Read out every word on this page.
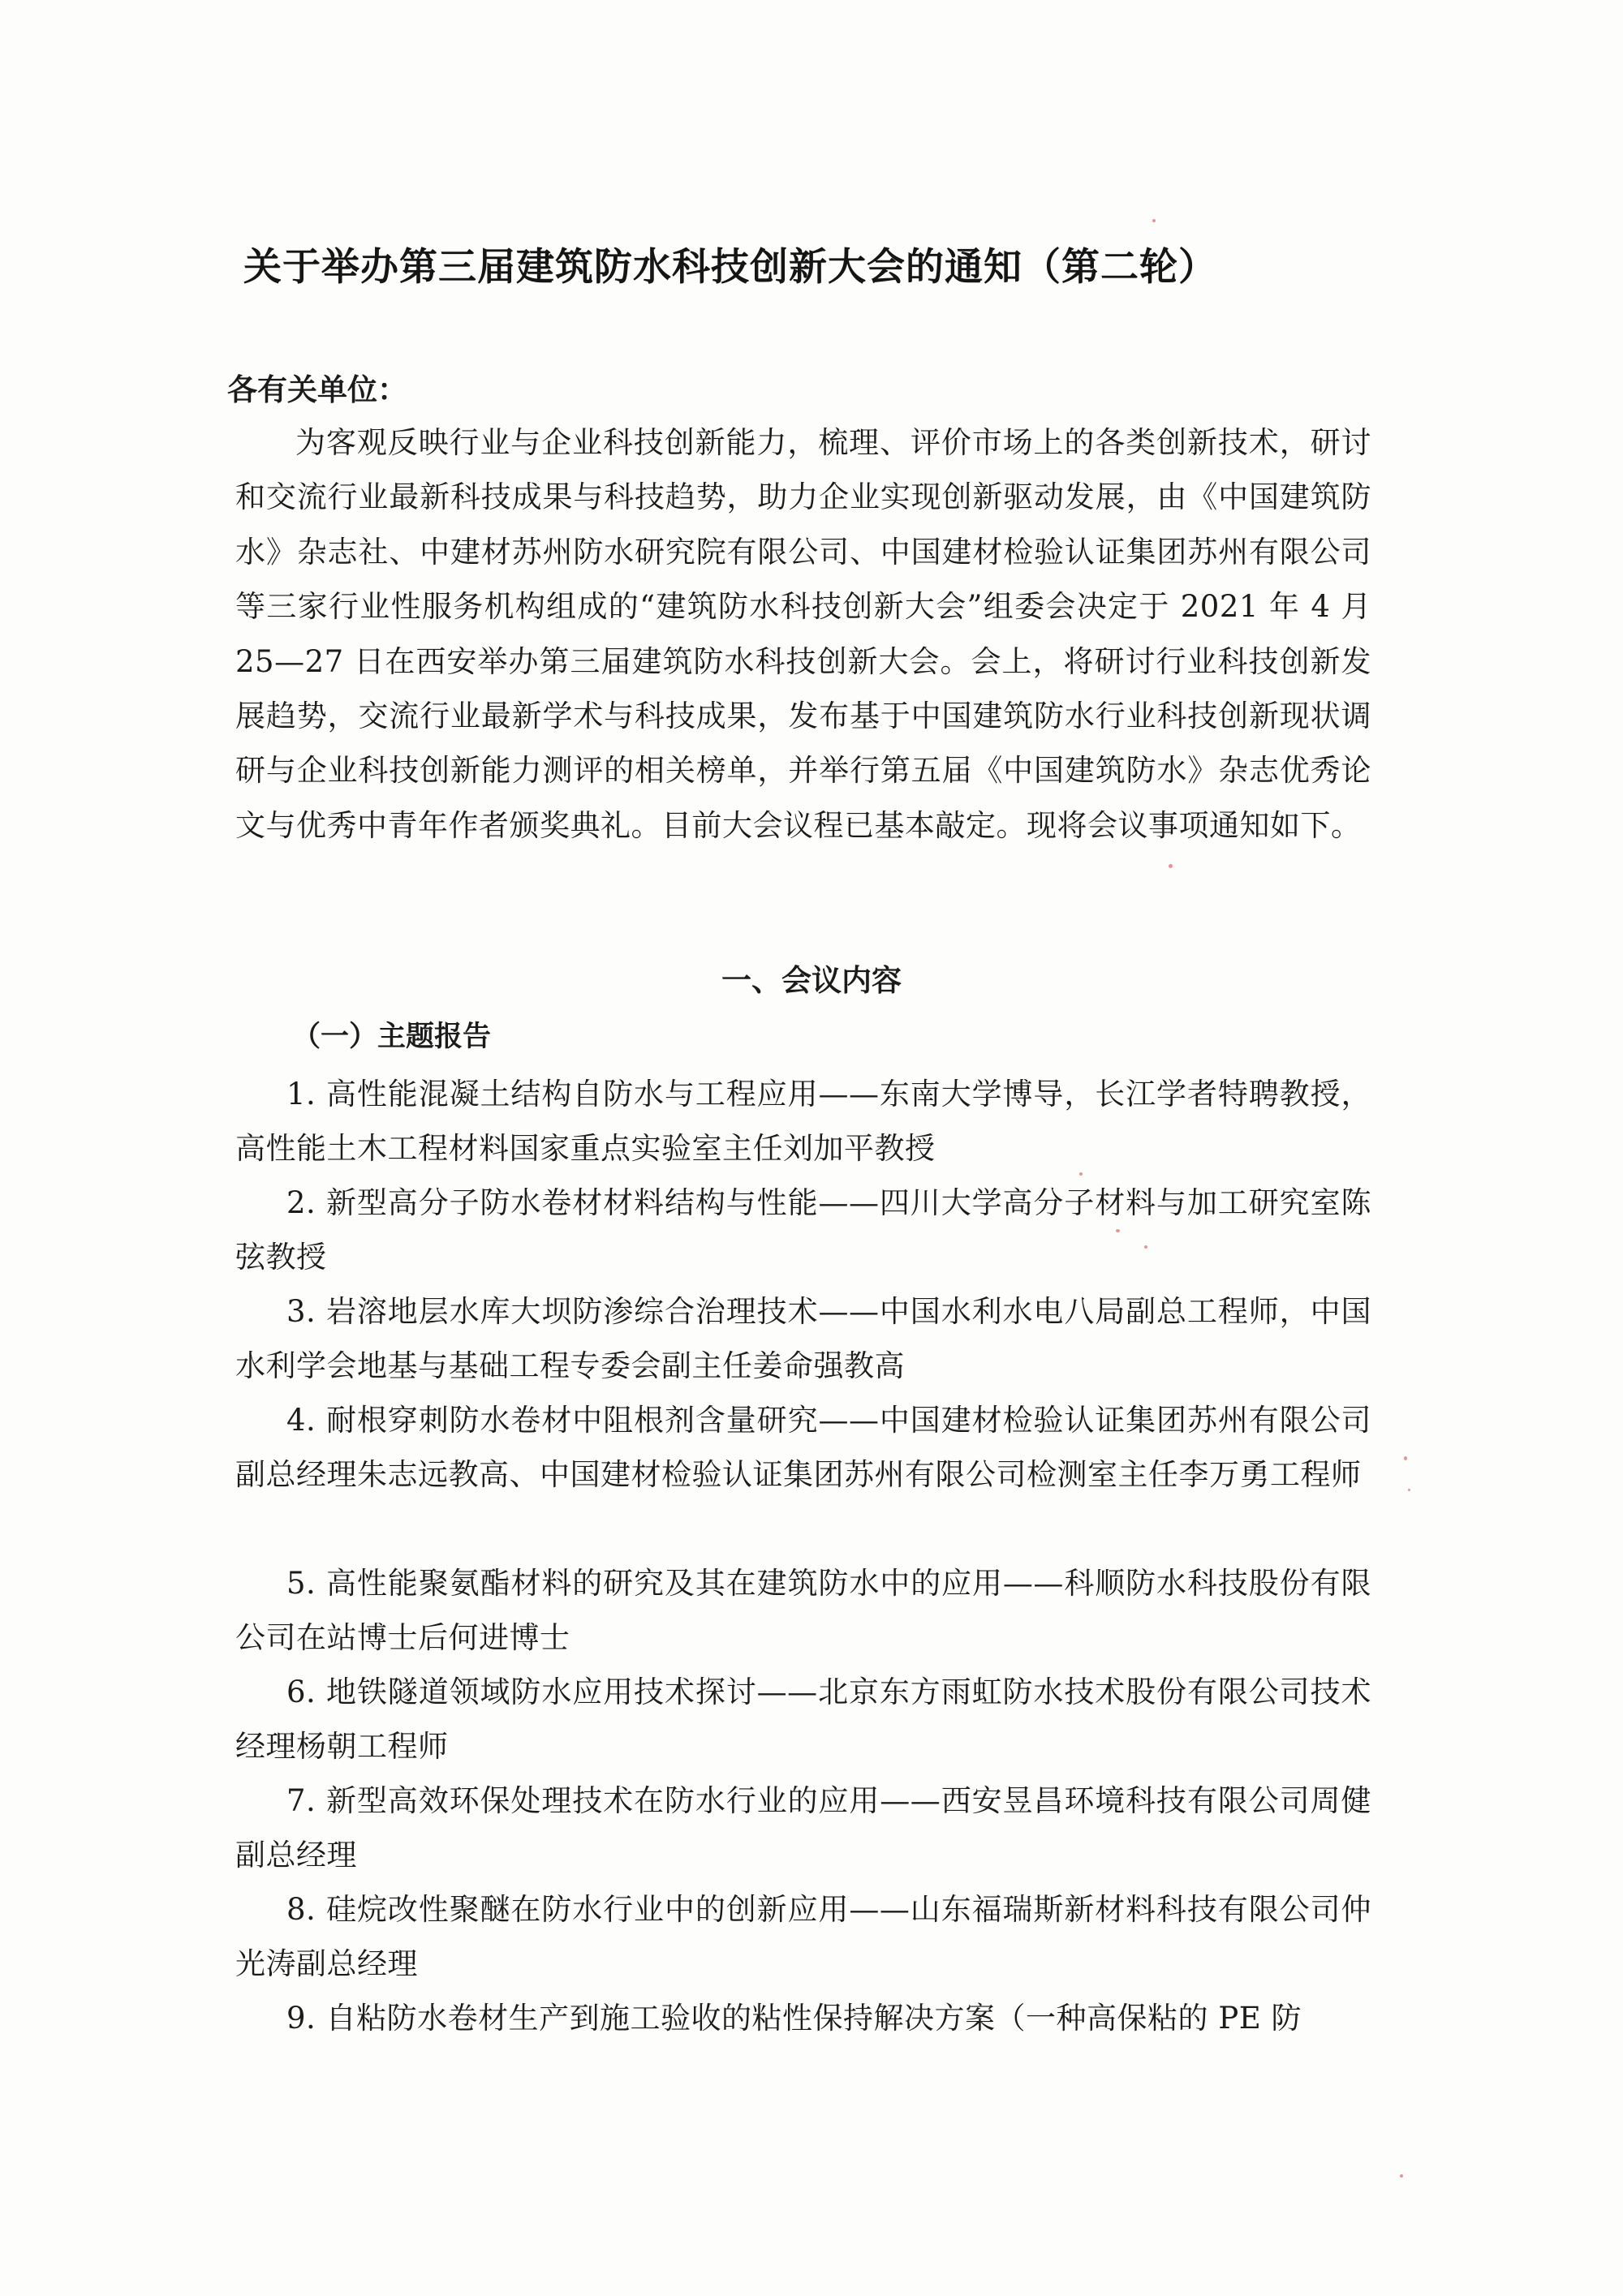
关于举办第三届建筑防水科技创新大会的通知（第二轮）
各有关单位：

为客观反映行业与企业科技创新能力，梳理、评价市场上的各类创新技术，研讨和交流行业最新科技成果与科技趋势，助力企业实现创新驱动发展，由《中国建筑防水》杂志社、中建材苏州防水研究院有限公司、中国建材检验认证集团苏州有限公司等三家行业性服务机构组成的“建筑防水科技创新大会”组委会决定于 2021 年 4 月 25—27 日在西安举办第三届建筑防水科技创新大会。会上，将研讨行业科技创新发展趋势，交流行业最新学术与科技成果，发布基于中国建筑防水行业科技创新现状调研与企业科技创新能力测评的相关榜单，并举行第五届《中国建筑防水》杂志优秀论文与优秀中青年作者颁奖典礼。目前大会议程已基本敲定。现将会议事项通知如下。

一、会议内容
（一）主题报告

1. 高性能混凝土结构自防水与工程应用——东南大学博导，长江学者特聘教授，高性能土木工程材料国家重点实验室主任刘加平教授

2. 新型高分子防水卷材材料结构与性能——四川大学高分子材料与加工研究室陈弦教授

3. 岩溶地层水库大坝防渗综合治理技术——中国水利水电八局副总工程师，中国水利学会地基与基础工程专委会副主任姜命强教高

4. 耐根穿刺防水卷材中阻根剂含量研究——中国建材检验认证集团苏州有限公司副总经理朱志远教高、中国建材检验认证集团苏州有限公司检测室主任李万勇工程师

5. 高性能聚氨酯材料的研究及其在建筑防水中的应用——科顺防水科技股份有限公司在站博士后何进博士

6. 地铁隧道领域防水应用技术探讨——北京东方雨虹防水技术股份有限公司技术经理杨朝工程师

7. 新型高效环保处理技术在防水行业的应用——西安昱昌环境科技有限公司周健副总经理

8. 硅烷改性聚醚在防水行业中的创新应用——山东福瑞斯新材料科技有限公司仲光涛副总经理

9. 自粘防水卷材生产到施工验收的粘性保持解决方案（一种高保粘的 PE 防
